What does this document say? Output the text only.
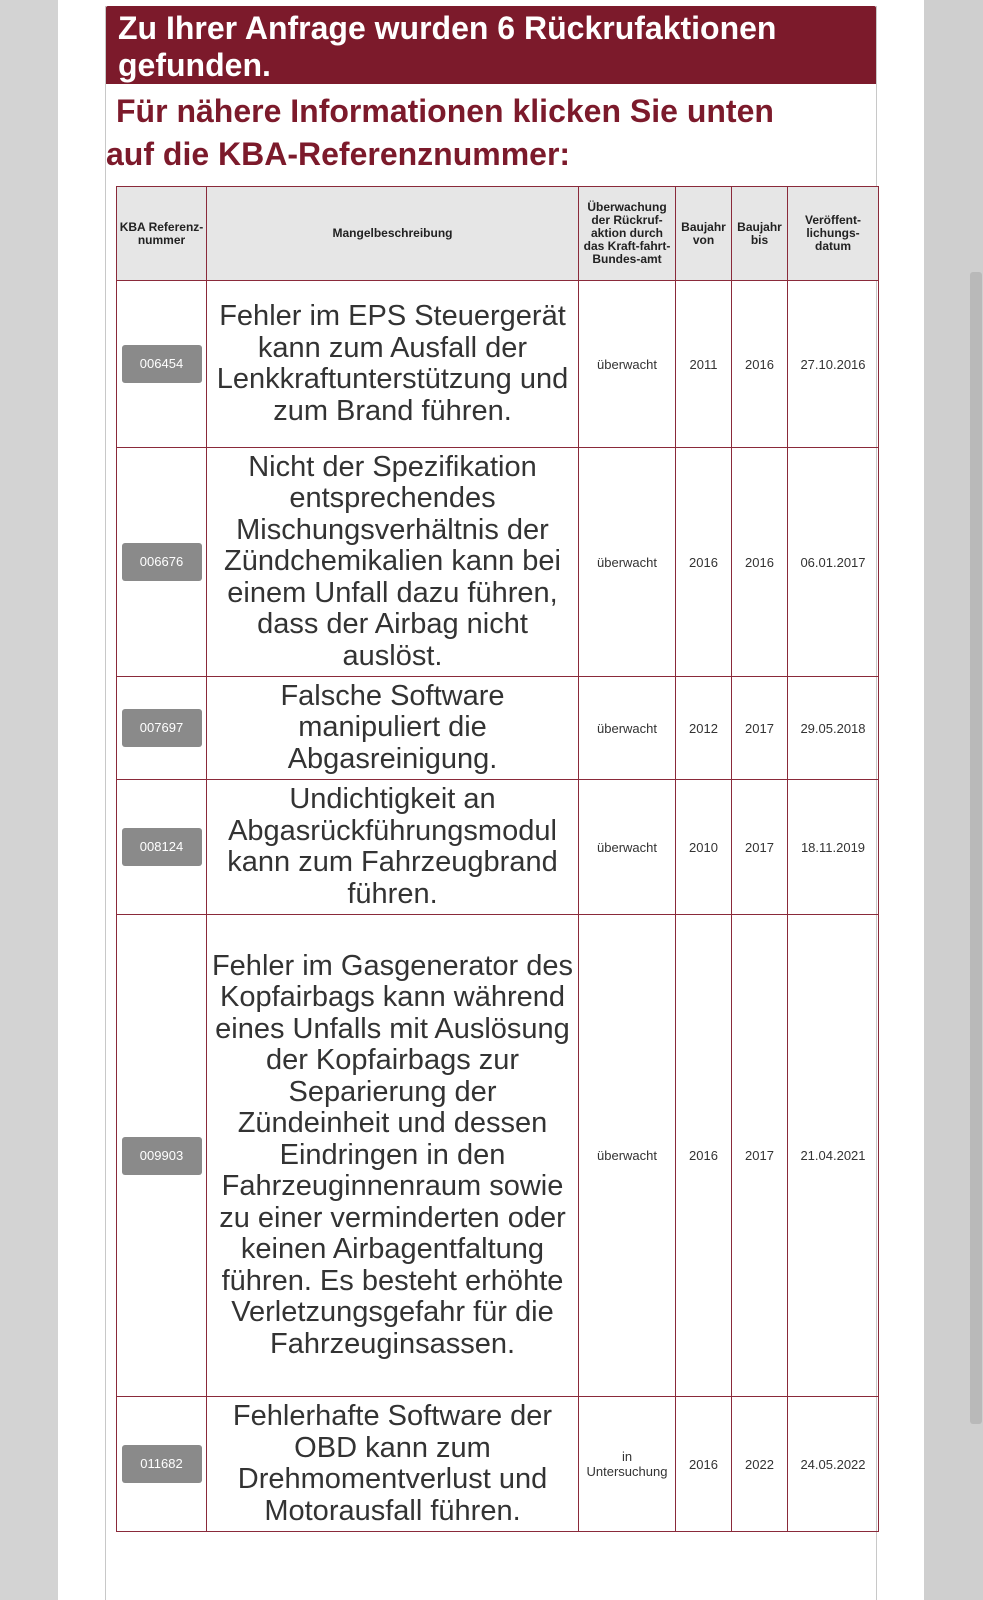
Zu Ihrer Anfrage wurden 6 Rückrufaktionen gefunden.
Für nähere Informationen klicken Sie unten
auf die KBA-Referenznummer:
KBA Referenz-nummer	Mangelbeschreibung	Überwachung der Rückruf-aktion durch das Kraft-fahrt-Bundes-amt	Baujahr von	Baujahr bis	Veröffent-lichungs-datum
006454	Fehler im EPS Steuergerät kann zum Ausfall der Lenkkraftunterstützung und zum Brand führen.	überwacht	2011	2016	27.10.2016
006676	Nicht der Spezifikation entsprechendes Mischungsverhältnis der Zündchemikalien kann bei einem Unfall dazu führen, dass der Airbag nicht auslöst.	überwacht	2016	2016	06.01.2017
007697	Falsche Software manipuliert die Abgasreinigung.	überwacht	2012	2017	29.05.2018
008124	Undichtigkeit an Abgasrückführungsmodul kann zum Fahrzeugbrand führen.	überwacht	2010	2017	18.11.2019
009903	Fehler im Gasgenerator des Kopfairbags kann während eines Unfalls mit Auslösung der Kopfairbags zur Separierung der Zündeinheit und dessen Eindringen in den Fahrzeuginnenraum sowie zu einer verminderten oder keinen Airbagentfaltung führen. Es besteht erhöhte Verletzungsgefahr für die Fahrzeuginsassen.	überwacht	2016	2017	21.04.2021
011682	Fehlerhafte Software der OBD kann zum Drehmomentverlust und Motorausfall führen.	in Untersuchung	2016	2022	24.05.2022
